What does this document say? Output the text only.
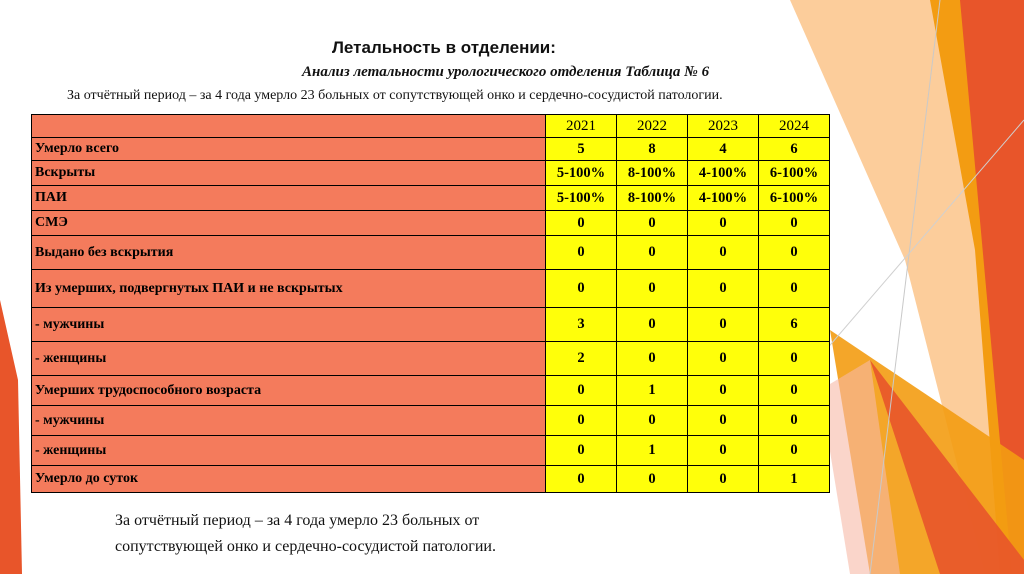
Летальность в отделении:
Анализ летальности урологического отделения Таблица № 6
За отчётный период – за 4 года умерло 23 больных от сопутствующей онко и сердечно-сосудистой патологии.
	2021	2022	2023	2024
Умерло всего	5	8	4	6
Вскрыты	5-100%	8-100%	4-100%	6-100%
ПАИ	5-100%	8-100%	4-100%	6-100%
СМЭ	0	0	0	0
Выдано без вскрытия	0	0	0	0
Из умерших, подвергнутых ПАИ и не вскрытых	0	0	0	0
- мужчины	3	0	0	6
- женщины	2	0	0	0
Умерших трудоспособного возраста	0	1	0	0
- мужчины	0	0	0	0
- женщины	0	1	0	0
Умерло до суток	0	0	0	1
За отчётный период – за 4 года умерло 23 больных от
сопутствующей онко и сердечно-сосудистой патологии.
